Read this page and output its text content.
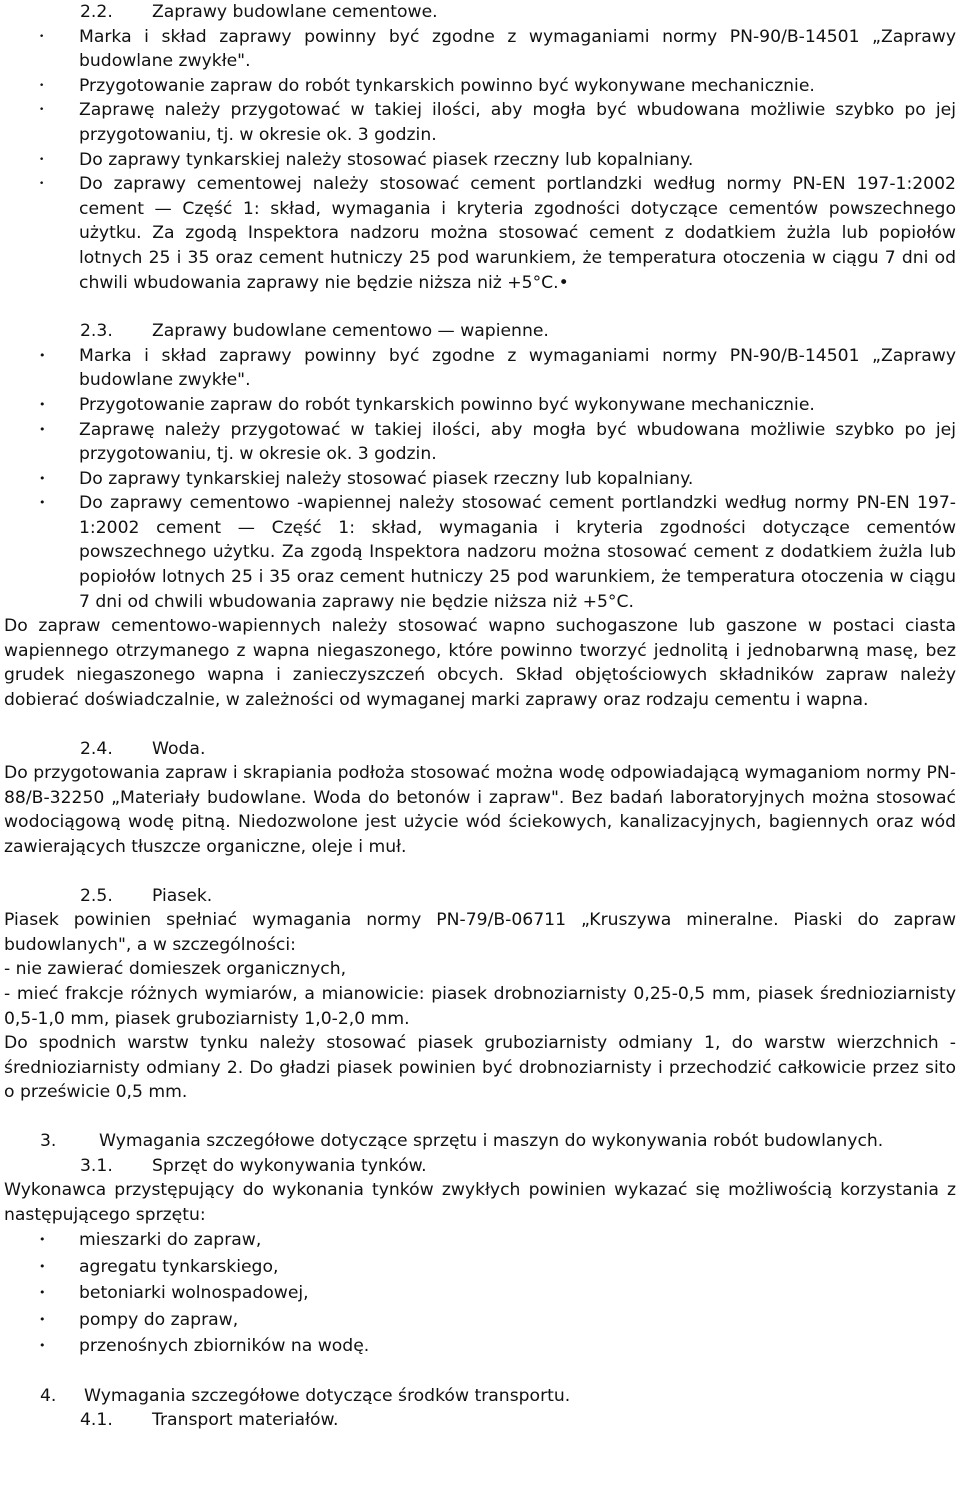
2.2.	Zaprawy budowlane cementowe.
• Marka i skład zaprawy powinny być zgodne z wymaganiami normy PN-90/B-14501 „Zaprawy budowlane zwykłe".
• Przygotowanie zapraw do robót tynkarskich powinno być wykonywane mechanicznie.
• Zaprawę należy przygotować w takiej ilości, aby mogła być wbudowana możliwie szybko po jej przygotowaniu, tj. w okresie ok. 3 godzin.
• Do zaprawy tynkarskiej należy stosować piasek rzeczny lub kopalniany.
• Do zaprawy cementowej należy stosować cement portlandzki według normy PN-EN 197-1:2002 cement — Część 1: skład, wymagania i kryteria zgodności dotyczące cementów powszechnego użytku. Za zgodą Inspektora nadzoru można stosować cement z dodatkiem żużla lub popiołów lotnych 25 i 35 oraz cement hutniczy 25 pod warunkiem, że temperatura otoczenia w ciągu 7 dni od chwili wbudowania zaprawy nie będzie niższa niż +5°C.•
2.3.	Zaprawy budowlane cementowo — wapienne.
• Marka i skład zaprawy powinny być zgodne z wymaganiami normy PN-90/B-14501 „Zaprawy budowlane zwykłe".
• Przygotowanie zapraw do robót tynkarskich powinno być wykonywane mechanicznie.
• Zaprawę należy przygotować w takiej ilości, aby mogła być wbudowana możliwie szybko po jej przygotowaniu, tj. w okresie ok. 3 godzin.
• Do zaprawy tynkarskiej należy stosować piasek rzeczny lub kopalniany.
• Do zaprawy cementowo -wapiennej należy stosować cement portlandzki według normy PN-EN 197-1:2002 cement — Część 1: skład, wymagania i kryteria zgodności dotyczące cementów powszechnego użytku. Za zgodą Inspektora nadzoru można stosować cement z dodatkiem żużla lub popiołów lotnych 25 i 35 oraz cement hutniczy 25 pod warunkiem, że temperatura otoczenia w ciągu 7 dni od chwili wbudowania zaprawy nie będzie niższa niż +5°C.

Do zapraw cementowo-wapiennych należy stosować wapno suchogaszone lub gaszone w postaci ciasta wapiennego otrzymanego z wapna niegaszonego, które powinno tworzyć jednolitą i jednobarwną masę, bez grudek niegaszonego wapna i zanieczyszczeń obcych. Skład objętościowych składników zapraw należy dobierać doświadczalnie, w zależności od wymaganej marki zaprawy oraz rodzaju cementu i wapna.

2.4.	Woda.

Do przygotowania zapraw i skrapiania podłoża stosować można wodę odpowiadającą wymaganiom normy PN-88/B-32250 „Materiały budowlane. Woda do betonów i zapraw". Bez badań laboratoryjnych można stosować wodociągową wodę pitną. Niedozwolone jest użycie wód ściekowych, kanalizacyjnych, bagiennych oraz wód zawierających tłuszcze organiczne, oleje i muł.

2.5.	Piasek.

Piasek powinien spełniać wymagania normy PN-79/B-06711 „Kruszywa mineralne. Piaski do zapraw budowlanych", a w szczególności:

- nie zawierać domieszek organicznych,

- mieć frakcje różnych wymiarów, a mianowicie: piasek drobnoziarnisty 0,25-0,5 mm, piasek średnioziarnisty 0,5-1,0 mm, piasek gruboziarnisty 1,0-2,0 mm.

Do spodnich warstw tynku należy stosować piasek gruboziarnisty odmiany 1, do warstw wierzchnich - średnioziarnisty odmiany 2. Do gładzi piasek powinien być drobnoziarnisty i przechodzić całkowicie przez sito o prześwicie 0,5 mm.

3.	Wymagania szczegółowe dotyczące sprzętu i maszyn do wykonywania robót budowlanych.
3.1.	Sprzęt do wykonywania tynków.

Wykonawca przystępujący do wykonania tynków zwykłych powinien wykazać się możliwością korzystania z następującego sprzętu:

• mieszarki do zapraw,
• agregatu tynkarskiego,
• betoniarki wolnospadowej,
• pompy do zapraw,
• przenośnych zbiorników na wodę.
4.	Wymagania szczegółowe dotyczące środków transportu.
4.1.	Transport materiałów.
